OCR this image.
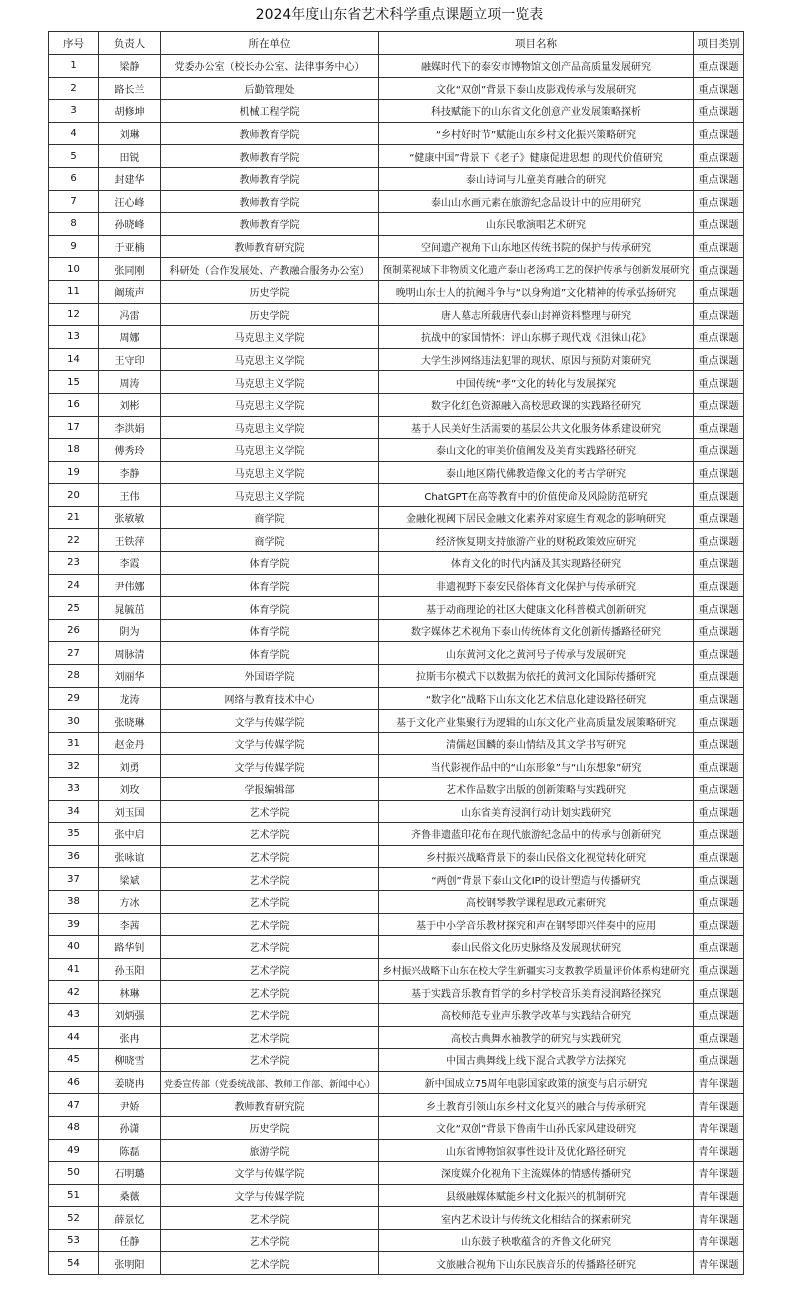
2024年度山东省艺术科学重点课题立项一览表
序号	负责人	所在单位	项目名称	项目类别
1	梁静	党委办公室（校长办公室、法律事务中心）	融媒时代下的泰安市博物馆文创产品高质量发展研究	重点课题
2	路长兰	后勤管理处	文化“双创”背景下泰山皮影戏传承与发展研究	重点课题
3	胡修坤	机械工程学院	科技赋能下的山东省文化创意产业发展策略探析	重点课题
4	刘琳	教师教育学院	“乡村好时节”赋能山东乡村文化振兴策略研究	重点课题
5	田锐	教师教育学院	“健康中国”背景下《老子》健康促进思想 的现代价值研究	重点课题
6	封建华	教师教育学院	泰山诗词与儿童美育融合的研究	重点课题
7	汪心峰	教师教育学院	泰山山水画元素在旅游纪念品设计中的应用研究	重点课题
8	孙晓峰	教师教育学院	山东民歌演唱艺术研究	重点课题
9	于亚楠	教师教育研究院	空间遗产视角下山东地区传统书院的保护与传承研究	重点课题
10	张同刚	科研处（合作发展处、产教融合服务办公室）	预制菜视域下非物质文化遗产泰山老汤鸡工艺的保护传承与创新发展研究	重点课题
11	阚琉声	历史学院	晚明山东士人的抗阉斗争与“以身殉道”文化精神的传承弘扬研究	重点课题
12	冯雷	历史学院	唐人墓志所载唐代泰山封禅资料整理与研究	重点课题
13	周娜	马克思主义学院	抗战中的家国情怀：评山东梆子现代戏《沮徕山花》	重点课题
14	王守印	马克思主义学院	大学生涉网络违法犯罪的现状、原因与预防对策研究	重点课题
15	周涛	马克思主义学院	中国传统“孝”文化的转化与发展探究	重点课题
16	刘彬	马克思主义学院	数字化红色资源融入高校思政课的实践路径研究	重点课题
17	李洪娟	马克思主义学院	基于人民美好生活需要的基层公共文化服务体系建设研究	重点课题
18	傅秀玲	马克思主义学院	泰山文化的审美价值阐发及美育实践路径研究	重点课题
19	李静	马克思主义学院	泰山地区隋代佛教造像文化的考古学研究	重点课题
20	王伟	马克思主义学院	ChatGPT在高等教育中的价值使命及风险防范研究	重点课题
21	张敏敏	商学院	金融化视阈下居民金融文化素养对家庭生育观念的影响研究	重点课题
22	王铁萍	商学院	经济恢复期支持旅游产业的财税政策效应研究	重点课题
23	李霞	体育学院	体育文化的时代内涵及其实现路径研究	重点课题
24	尹伟娜	体育学院	非遗视野下泰安民俗体育文化保护与传承研究	重点课题
25	晁毓茁	体育学院	基于动商理论的社区大健康文化科普模式创新研究	重点课题
26	阴为	体育学院	数字媒体艺术视角下泰山传统体育文化创新传播路径研究	重点课题
27	周脉清	体育学院	山东黄河文化之黄河号子传承与发展研究	重点课题
28	刘丽华	外国语学院	拉斯韦尔模式下以数据为依托的黄河文化国际传播研究	重点课题
29	龙涛	网络与教育技术中心	“数字化”战略下山东文化艺术信息化建设路径研究	重点课题
30	张晓琳	文学与传媒学院	基于文化产业集聚行为逻辑的山东文化产业高质量发展策略研究	重点课题
31	赵金丹	文学与传媒学院	清儒赵国麟的泰山情结及其文学书写研究	重点课题
32	刘勇	文学与传媒学院	当代影视作品中的“山东形象”与“山东想象”研究	重点课题
33	刘玫	学报编辑部	艺术作品数字出版的创新策略与实践研究	重点课题
34	刘玉国	艺术学院	山东省美育浸润行动计划实践研究	重点课题
35	张中启	艺术学院	齐鲁非遗蓝印花布在现代旅游纪念品中的传承与创新研究	重点课题
36	张咏谊	艺术学院	乡村振兴战略背景下的泰山民俗文化视觉转化研究	重点课题
37	梁斌	艺术学院	“两创”背景下泰山文化IP的设计塑造与传播研究	重点课题
38	方冰	艺术学院	高校钢琴教学课程思政元素研究	重点课题
39	李茜	艺术学院	基于中小学音乐教材探究和声在钢琴即兴伴奏中的应用	重点课题
40	路华钊	艺术学院	泰山民俗文化历史脉络及发展现状研究	重点课题
41	孙玉阳	艺术学院	乡村振兴战略下山东在校大学生新疆实习支教教学质量评价体系构建研究	重点课题
42	林琳	艺术学院	基于实践音乐教育哲学的乡村学校音乐美育浸润路径探究	重点课题
43	刘炳强	艺术学院	高校师范专业声乐教学改革与实践结合研究	重点课题
44	张冉	艺术学院	高校古典舞水袖教学的研究与实践研究	重点课题
45	柳晓雪	艺术学院	中国古典舞线上线下混合式教学方法探究	重点课题
46	姜晓冉	党委宣传部（党委统战部、教师工作部、新闻中心）	新中国成立75周年电影国家政策的演变与启示研究	青年课题
47	尹娇	教师教育研究院	乡土教育引领山东乡村文化复兴的融合与传承研究	青年课题
48	孙潇	历史学院	文化“双创”背景下鲁南牛山孙氏家风建设研究	青年课题
49	陈磊	旅游学院	山东省博物馆叙事性设计及优化路径研究	青年课题
50	石明璐	文学与传媒学院	深度媒介化视角下主流媒体的情感传播研究	青年课题
51	桑薇	文学与传媒学院	县级融媒体赋能乡村文化振兴的机制研究	青年课题
52	薛景忆	艺术学院	室内艺术设计与传统文化相结合的探索研究	青年课题
53	任静	艺术学院	山东鼓子秧歌蕴含的齐鲁文化研究	青年课题
54	张明阳	艺术学院	文旅融合视角下山东民族音乐的传播路径研究	青年课题
